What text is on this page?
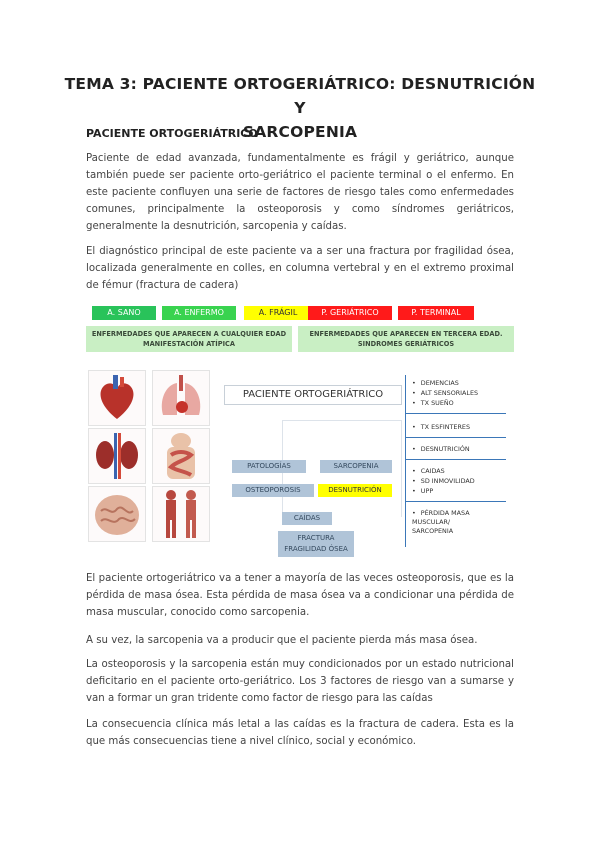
TEMA 3: PACIENTE ORTOGERIÁTRICO: DESNUTRICIÓN Y
SARCOPENIA
PACIENTE ORTOGERIÁTRICO
Paciente de edad avanzada, fundamentalmente es frágil y geriátrico, aunque también puede ser paciente orto-geriátrico el paciente terminal o el enfermo. En este paciente confluyen una serie de factores de riesgo tales como enfermedades comunes, principalmente la osteoporosis y como síndromes geriátricos, generalmente la desnutrición, sarcopenia y caídas.
El diagnóstico principal de este paciente va a ser una fractura por fragilidad ósea, localizada generalmente en colles, en columna vertebral y en el extremo proximal de fémur (fractura de cadera)
A. SANO	A. ENFERMO	A. FRÁGIL	P. GERIÁTRICO	P. TERMINAL
ENFERMEDADES QUE APARECEN A CUALQUIER EDAD MANIFESTACIÓN ATÍPICA
ENFERMEDADES QUE APARECEN EN TERCERA EDAD. SINDROMES GERIÁTRICOS
PACIENTE ORTOGERIÁTRICO
PATOLOGÍAS	SARCOPENIA
OSTEOPOROSIS	DESNUTRICIÓN
CAÍDAS
FRACTURA
FRAGILIDAD ÓSEA
• DEMENCIAS
• ALT SENSORIALES
• TX SUEÑO
• TX ESFINTERES
• DESNUTRICIÓN
• CAIDAS
• SD INMOVILIDAD
• UPP
• PÉRDIDA MASA MUSCULAR/ SARCOPENIA
El paciente ortogeriátrico va a tener a mayoría de las veces osteoporosis, que es la pérdida de masa ósea. Esta pérdida de masa ósea va a condicionar una pérdida de masa muscular, conocido como sarcopenia.
A su vez, la sarcopenia va a producir que el paciente pierda más masa ósea.
La osteoporosis y la sarcopenia están muy condicionados por un estado nutricional deficitario en el paciente orto-geriátrico. Los 3 factores de riesgo van a sumarse y van a formar un gran tridente como factor de riesgo para las caídas
La consecuencia clínica más letal a las caídas es la fractura de cadera. Esta es la que más consecuencias tiene a nivel clínico, social y económico.
